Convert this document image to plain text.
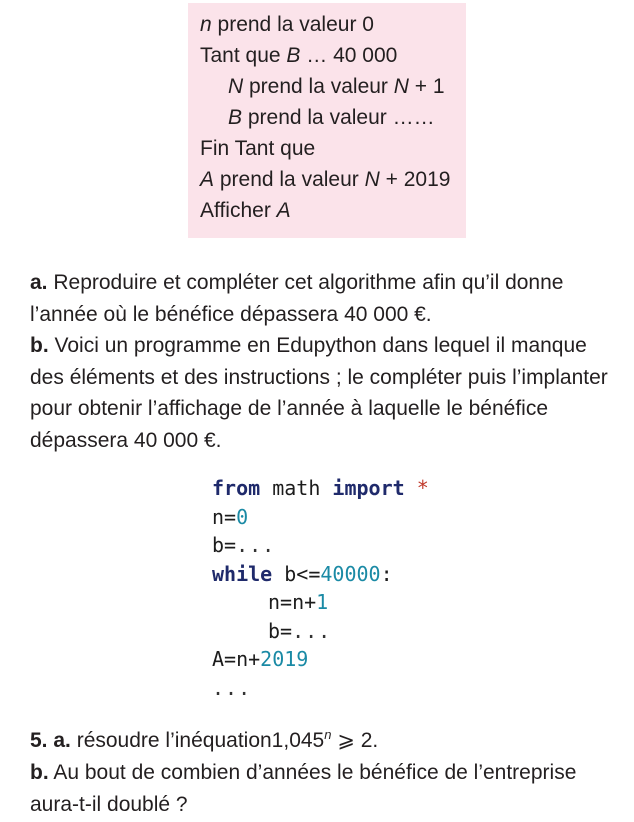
n prend la valeur 0
Tant que B … 40 000
N prend la valeur N + 1
B prend la valeur ……
Fin Tant que
A prend la valeur N + 2019
Afficher A
a. Reproduire et compléter cet algorithme afin qu’il donne l’année où le bénéfice dépassera 40 000 €.
b. Voici un programme en Edupython dans lequel il manque des éléments et des instructions ; le compléter puis l’implanter pour obtenir l’affichage de l’année à laquelle le bénéfice dépassera 40 000 €.
from math import *
n=0
b=...
while b<=40000:
n=n+1
b=...
A=n+2019
...
5. a. résoudre l’inéquation1,045$^n$ ⩾ 2.
b. Au bout de combien d’années le bénéfice de l’entreprise aura-t-il doublé ?
